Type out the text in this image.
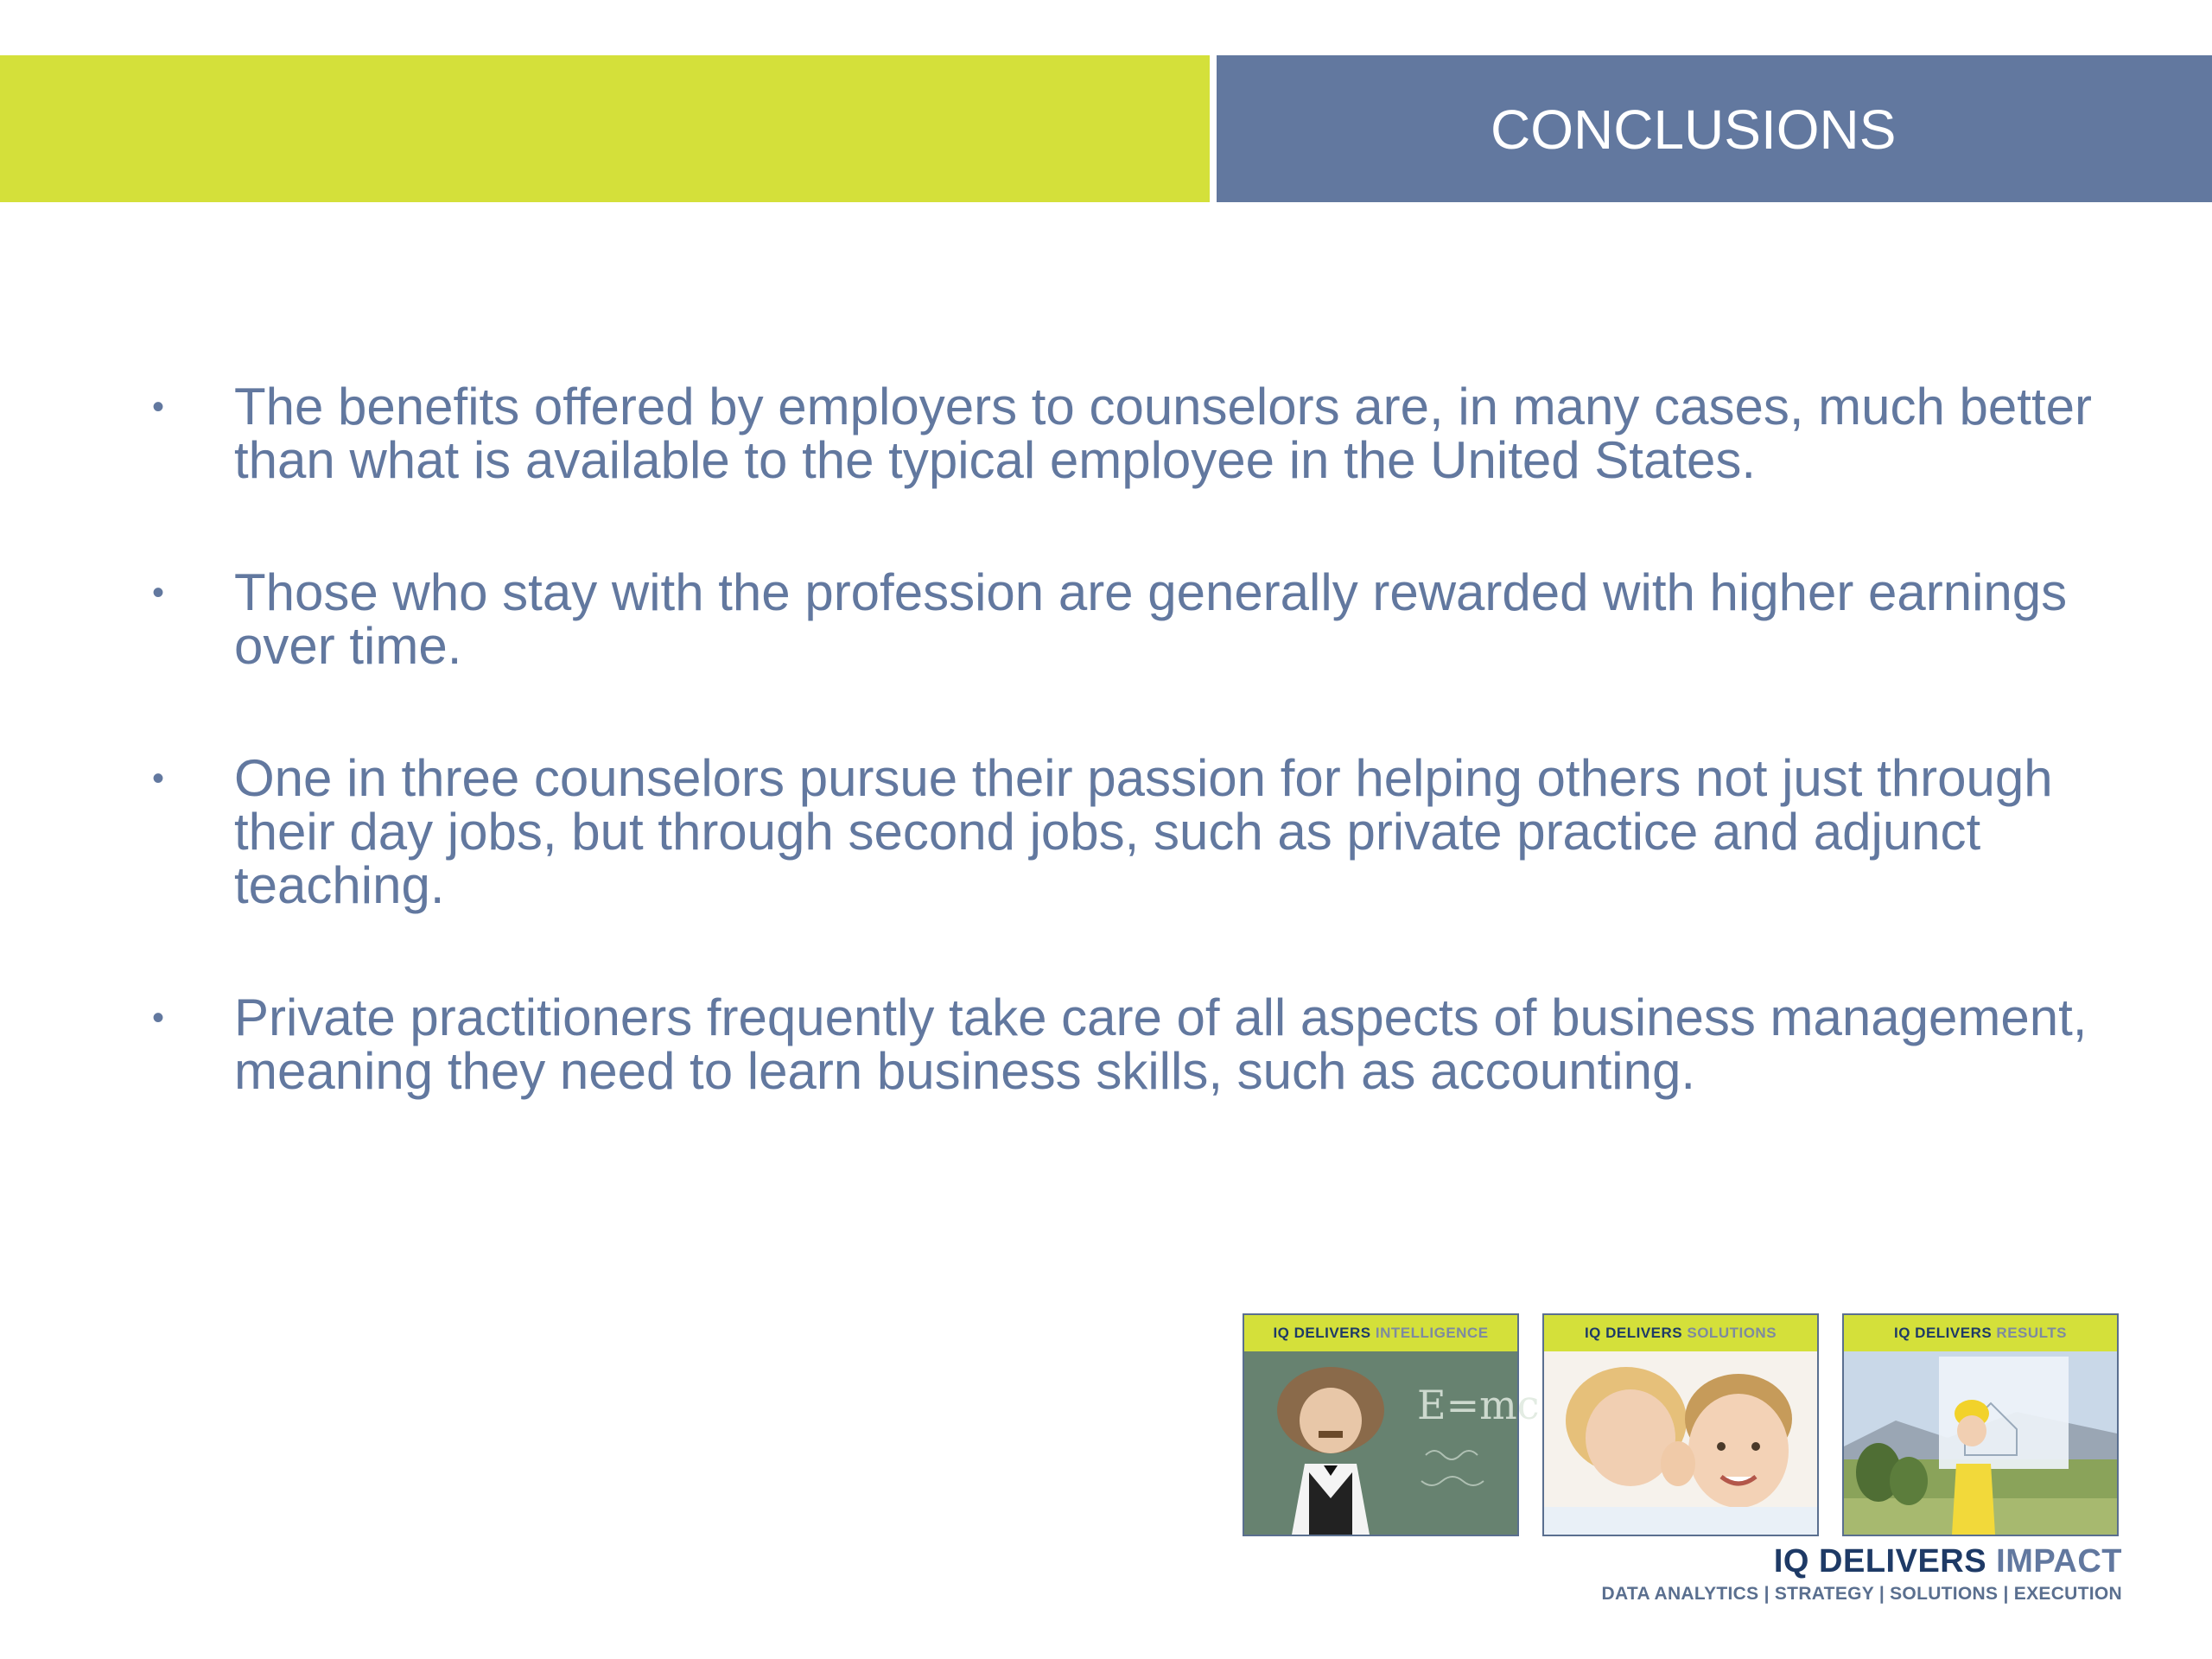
CONCLUSIONS
• The benefits offered by employers to counselors are, in many cases, much better than what is available to the typical employee in the United States.
• Those who stay with the profession are generally rewarded with higher earnings over time.
• One in three counselors pursue their passion for helping others not just through their day jobs, but through second jobs, such as private practice and adjunct teaching.
• Private practitioners frequently take care of all aspects of business management, meaning they need to learn business skills, such as accounting.
IQ DELIVERS INTELLIGENCE
E=mc
IQ DELIVERS SOLUTIONS	IQ DELIVERS RESULTS
IQ DELIVERS IMPACT
DATA ANALYTICS | STRATEGY | SOLUTIONS | EXECUTION
